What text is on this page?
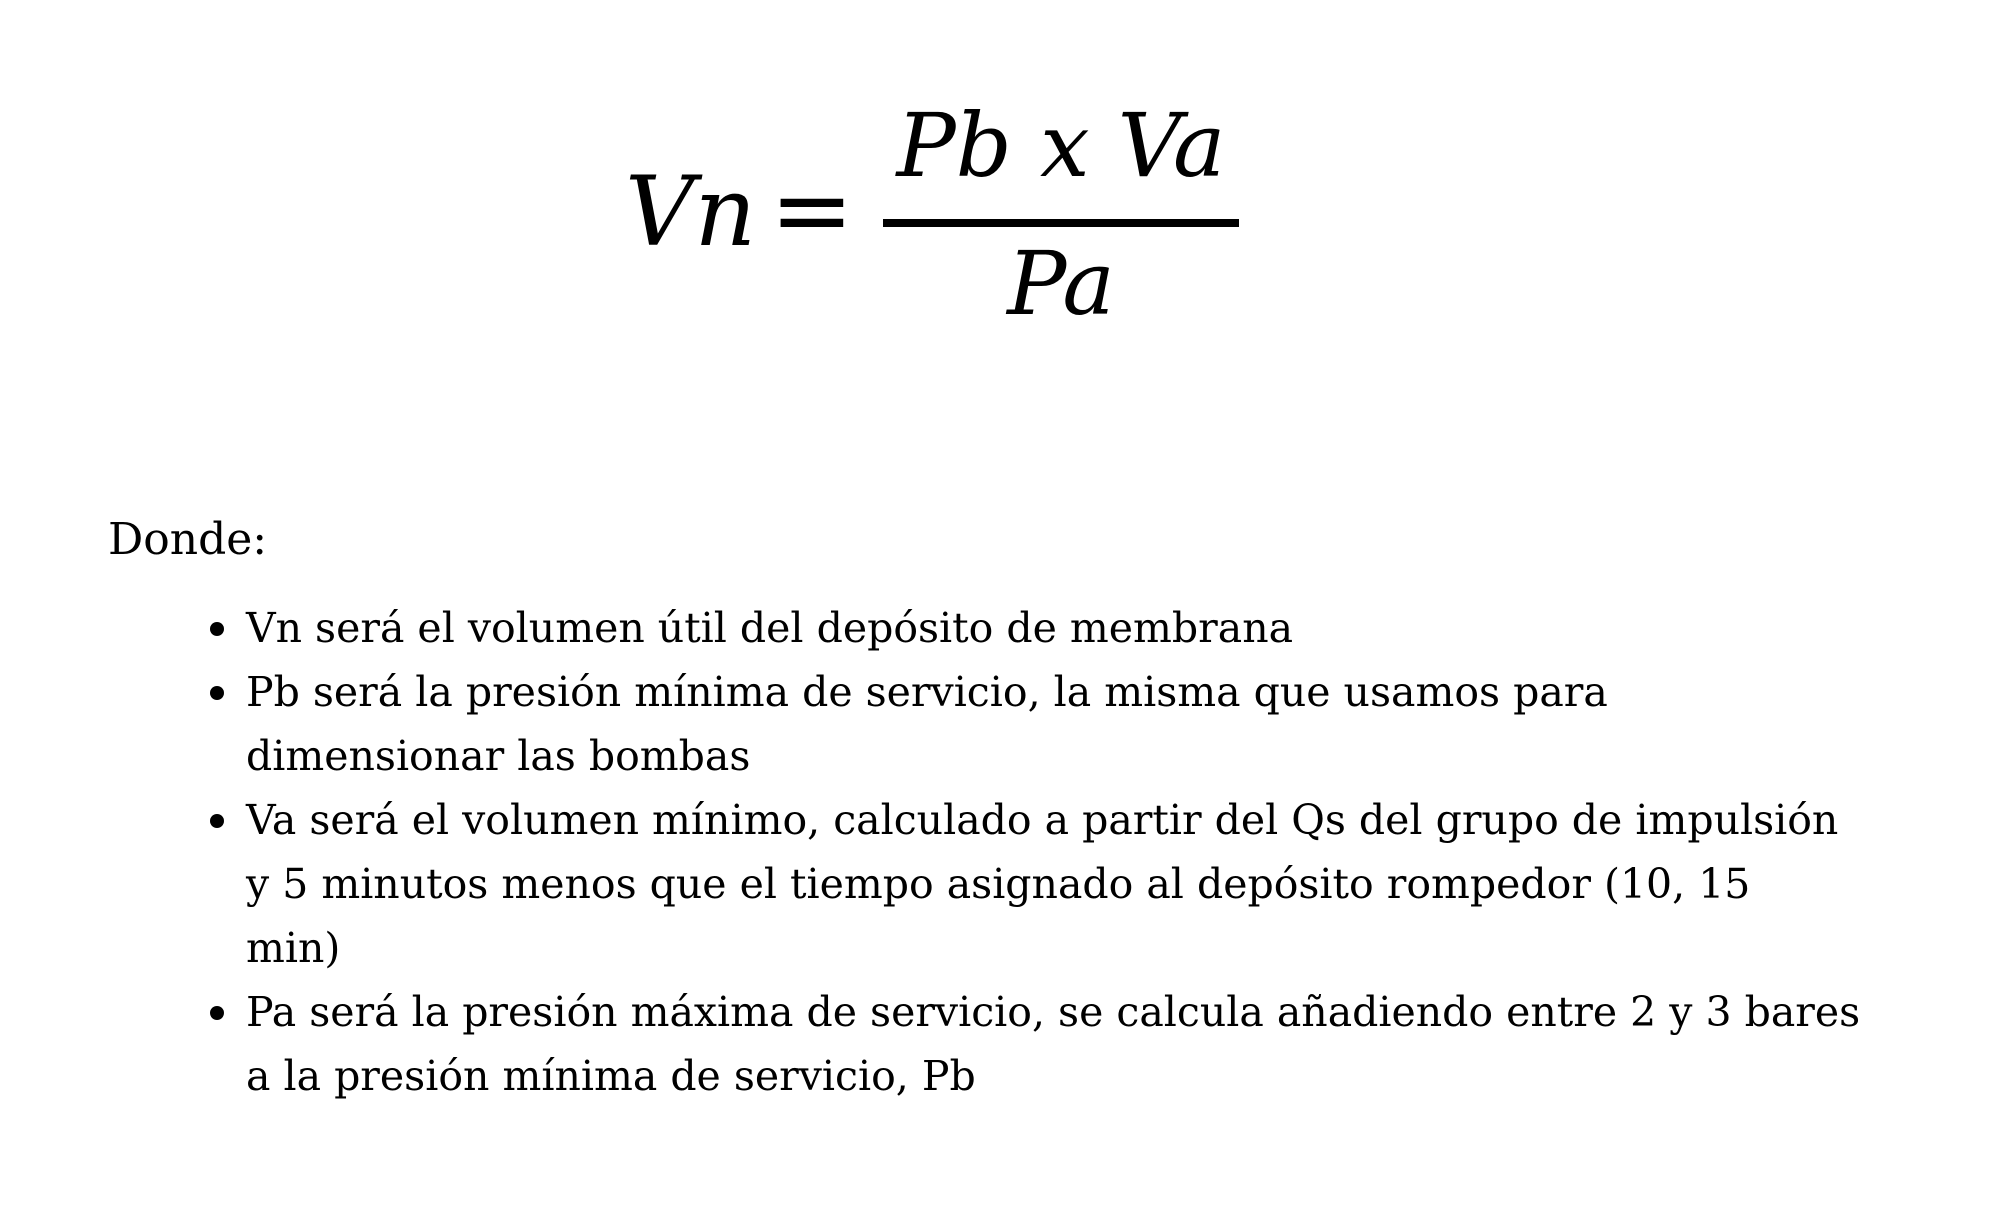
Vn =
Pb x Va
Pa
Donde:
Vn será el volumen útil del depósito de membrana
Pb será la presión mínima de servicio, la misma que usamos para
dimensionar las bombas
Va será el volumen mínimo, calculado a partir del Qs del grupo de impulsión
y 5 minutos menos que el tiempo asignado al depósito rompedor (10, 15
min)
Pa será la presión máxima de servicio, se calcula añadiendo entre 2 y 3 bares
a la presión mínima de servicio, Pb
